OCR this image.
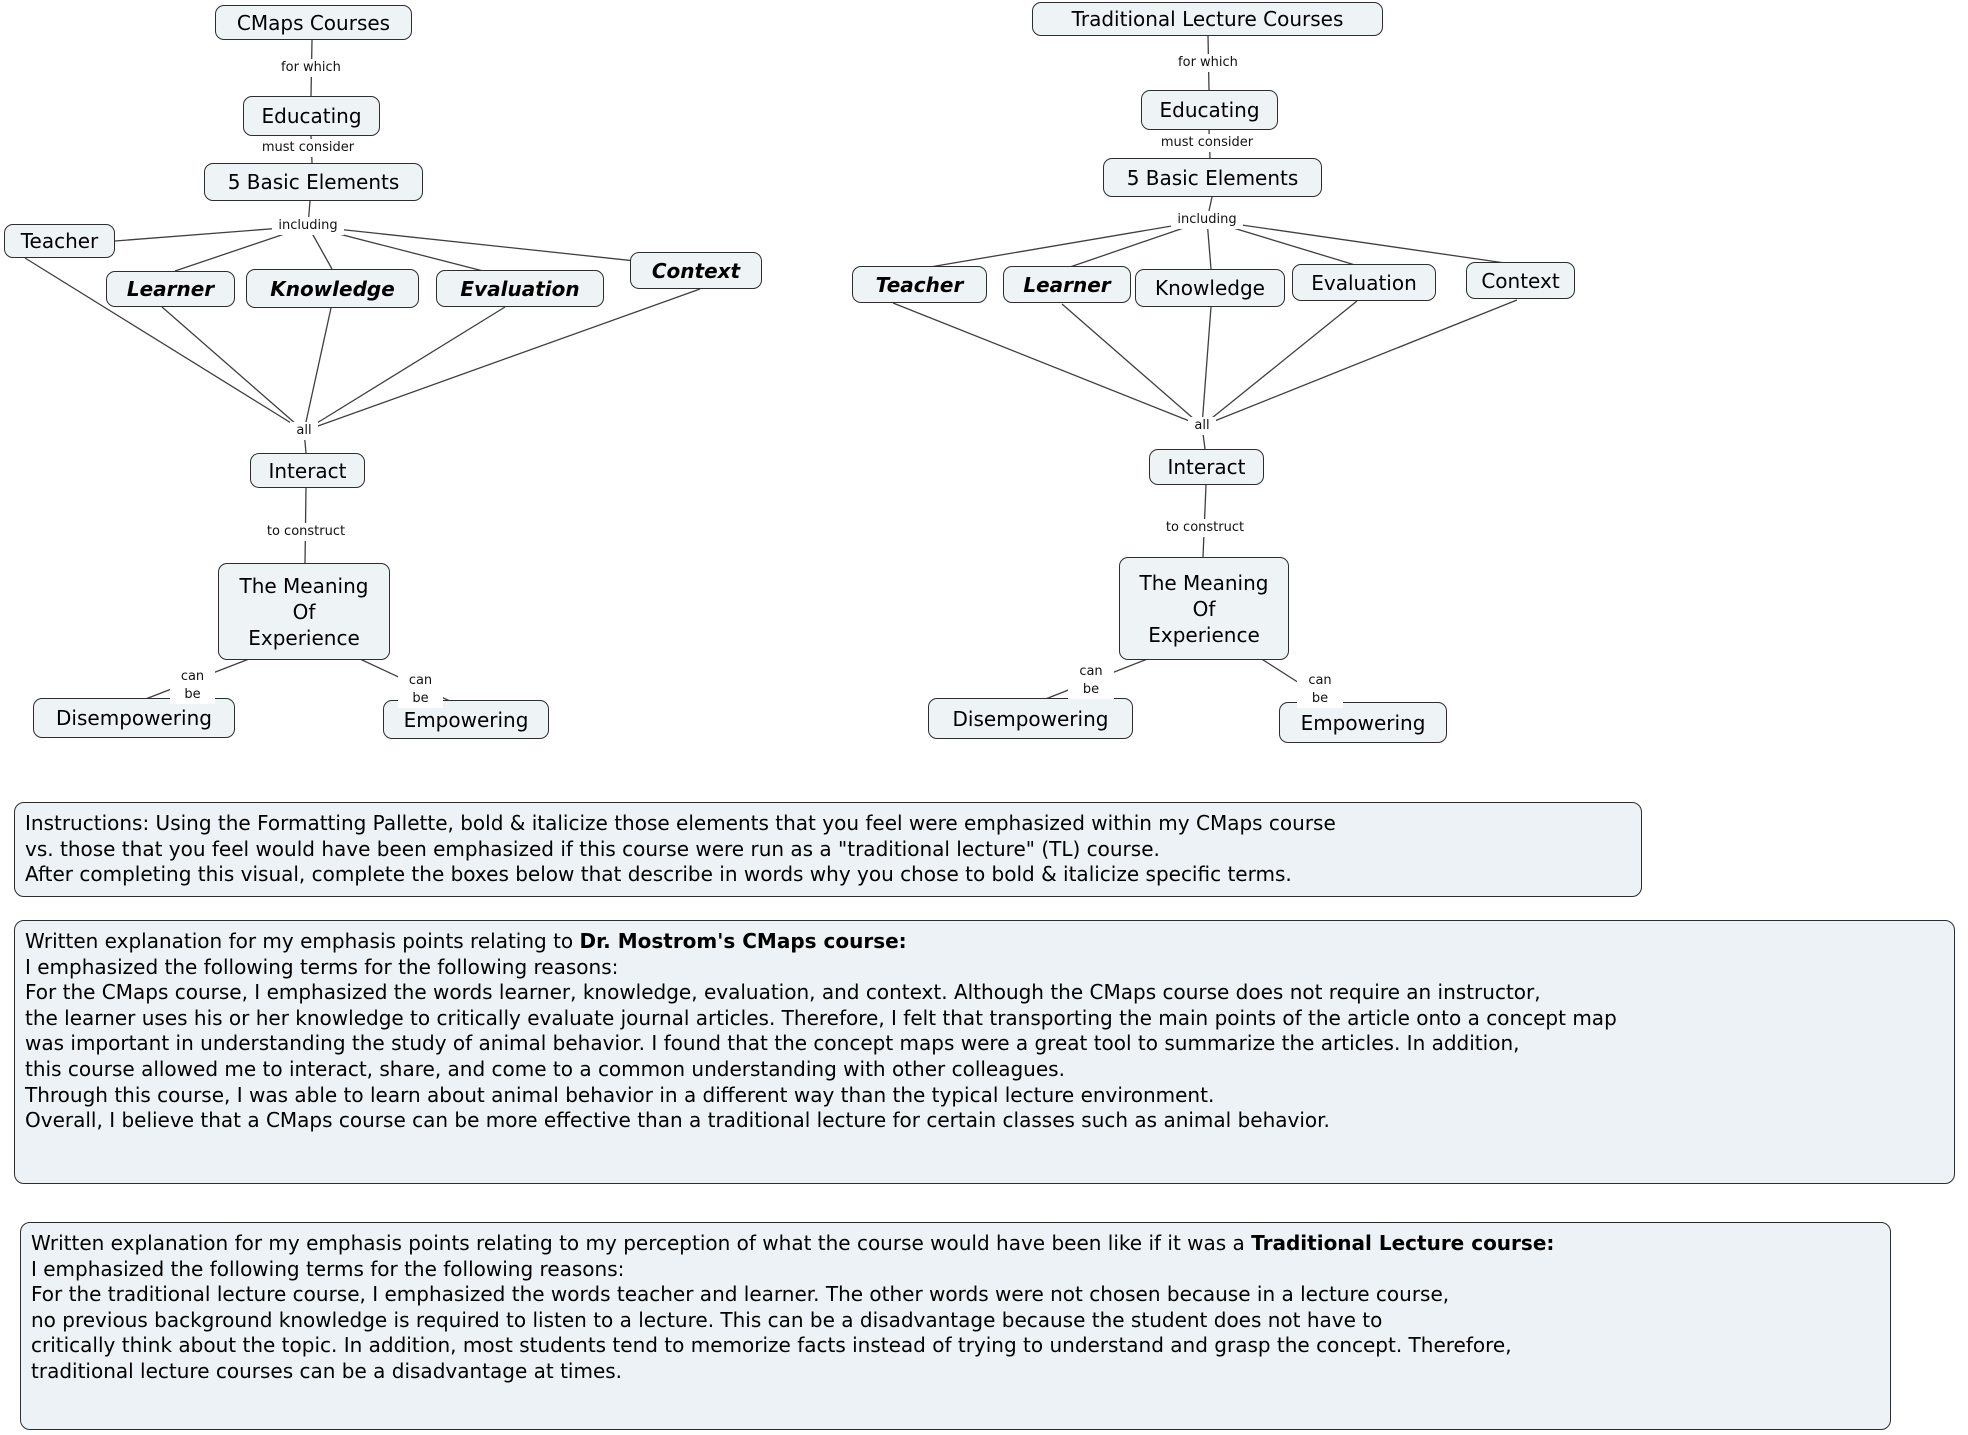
CMaps Courses
for which
Educating
must consider
5 Basic Elements
including
Teacher
Learner	Knowledge	Evaluation
Context
all
Interact
to construct
The Meaning
Of
Experience
can be
can be
Disempowering	Empowering
Traditional Lecture Courses
for which
Educating
must consider
5 Basic Elements
including
Teacher	Learner	Knowledge	Evaluation	Context
all
Interact
to construct
The Meaning
Of
Experience
can be
can be
Disempowering	Empowering
Instructions: Using the Formatting Pallette, bold & italicize those elements that you feel were emphasized within my CMaps course
vs. those that you feel would have been emphasized if this course were run as a "traditional lecture" (TL) course.
After completing this visual, complete the boxes below that describe in words why you chose to bold & italicize specific terms.
Written explanation for my emphasis points relating to Dr. Mostrom's CMaps course:
I emphasized the following terms for the following reasons:
For the CMaps course, I emphasized the words learner, knowledge, evaluation, and context. Although the CMaps course does not require an instructor,
the learner uses his or her knowledge to critically evaluate journal articles. Therefore, I felt that transporting the main points of the article onto a concept map
was important in understanding the study of animal behavior. I found that the concept maps were a great tool to summarize the articles. In addition,
this course allowed me to interact, share, and come to a common understanding with other colleagues.
Through this course, I was able to learn about animal behavior in a different way than the typical lecture environment.
Overall, I believe that a CMaps course can be more effective than a traditional lecture for certain classes such as animal behavior.
Written explanation for my emphasis points relating to my perception of what the course would have been like if it was a Traditional Lecture course:
I emphasized the following terms for the following reasons:
For the traditional lecture course, I emphasized the words teacher and learner. The other words were not chosen because in a lecture course,
no previous background knowledge is required to listen to a lecture. This can be a disadvantage because the student does not have to
critically think about the topic. In addition, most students tend to memorize facts instead of trying to understand and grasp the concept. Therefore,
traditional lecture courses can be a disadvantage at times.
